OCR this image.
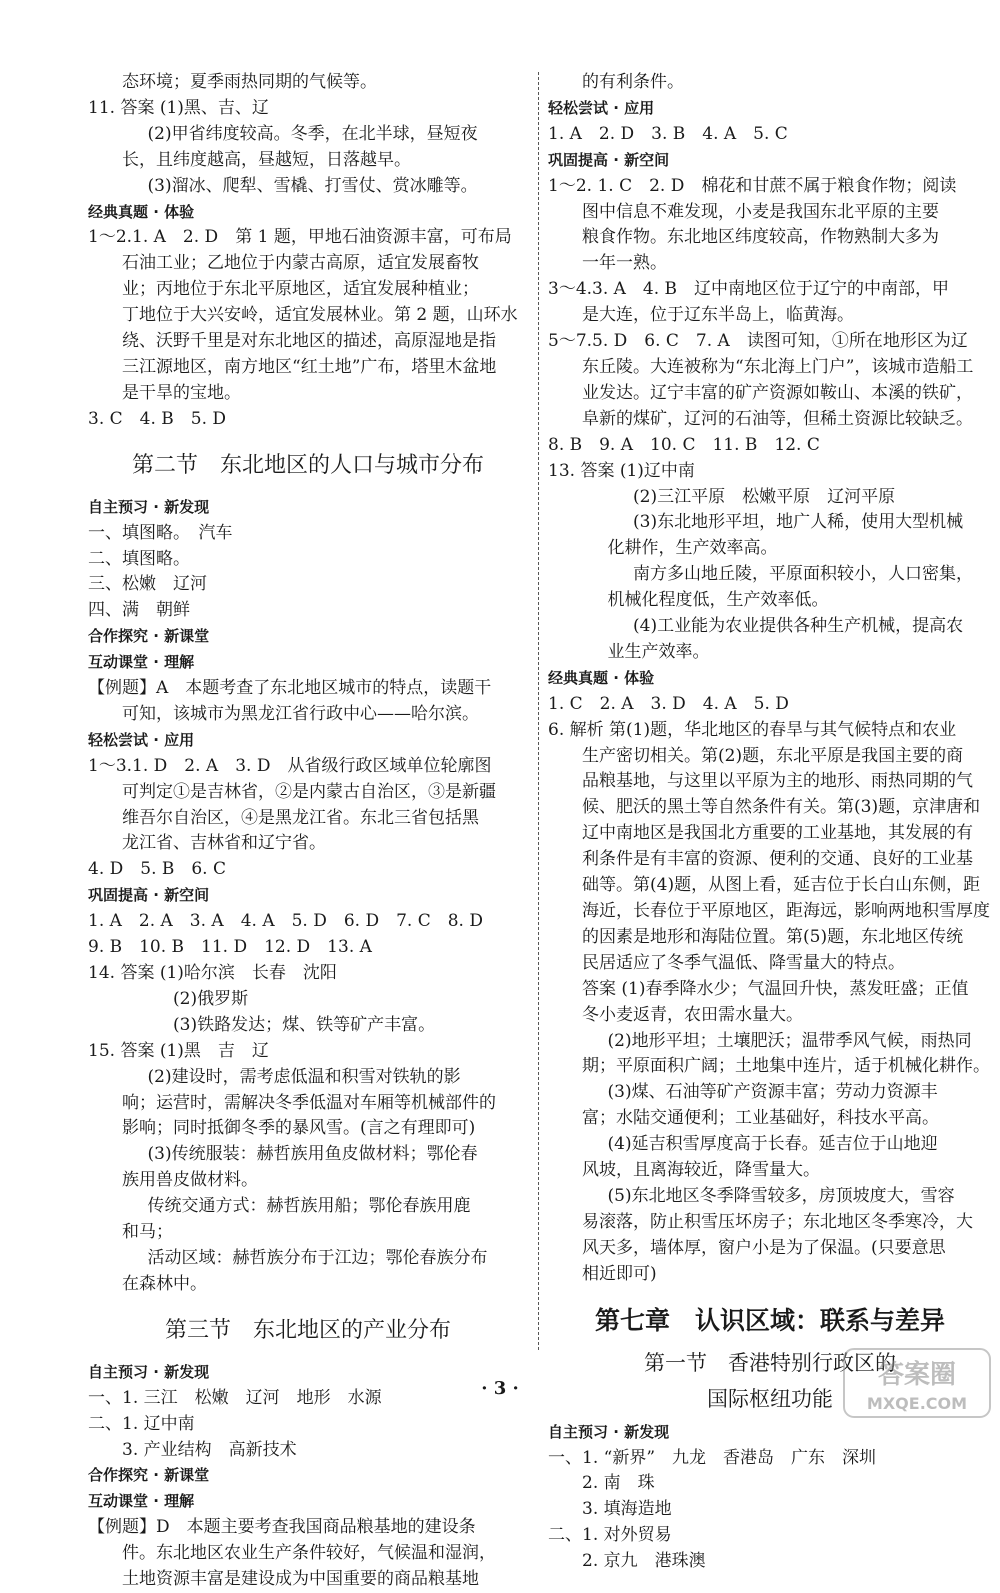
态环境；夏季雨热同期的气候等。
11. 答案 (1)黑、吉、辽
(2)甲省纬度较高。冬季，在北半球，昼短夜
长，且纬度越高，昼越短，日落越早。
(3)溜冰、爬犁、雪橇、打雪仗、赏冰雕等。
经典真题 · 体验
1～2.1. A　2. D　第 1 题，甲地石油资源丰富，可布局
石油工业；乙地位于内蒙古高原，适宜发展畜牧
业；丙地位于东北平原地区，适宜发展种植业；
丁地位于大兴安岭，适宜发展林业。第 2 题，山环水
绕、沃野千里是对东北地区的描述，高原湿地是指
三江源地区，南方地区“红土地”广布，塔里木盆地
是干旱的宝地。
3. C　4. B　5. D
第二节　东北地区的人口与城市分布
自主预习 · 新发现
一、填图略。　汽车
二、填图略。
三、松嫩　辽河
四、满　朝鲜
合作探究 · 新课堂
互动课堂 · 理解
【例题】A　本题考查了东北地区城市的特点，读题干
可知，该城市为黑龙江省行政中心——哈尔滨。
轻松尝试 · 应用
1～3.1. D　2. A　3. D　从省级行政区域单位轮廓图
可判定①是吉林省，②是内蒙古自治区，③是新疆
维吾尔自治区，④是黑龙江省。东北三省包括黑
龙江省、吉林省和辽宁省。
4. D　5. B　6. C
巩固提高 · 新空间
1. A　2. A　3. A　4. A　5. D　6. D　7. C　8. D
9. B　10. B　11. D　12. D　13. A
14. 答案 (1)哈尔滨　长春　沈阳
(2)俄罗斯
(3)铁路发达；煤、铁等矿产丰富。
15. 答案 (1)黑　吉　辽
(2)建设时，需考虑低温和积雪对铁轨的影
响；运营时，需解决冬季低温对车厢等机械部件的
影响；同时抵御冬季的暴风雪。(言之有理即可)
(3)传统服装：赫哲族用鱼皮做材料；鄂伦春
族用兽皮做材料。
传统交通方式：赫哲族用船；鄂伦春族用鹿
和马；
活动区域：赫哲族分布于江边；鄂伦春族分布
在森林中。
第三节　东北地区的产业分布
自主预习 · 新发现
一、1. 三江　松嫩　辽河　地形　水源
二、1. 辽中南
3. 产业结构　高新技术
合作探究 · 新课堂
互动课堂 · 理解
【例题】D　本题主要考查我国商品粮基地的建设条
件。东北地区农业生产条件较好，气候温和湿润，
土地资源丰富是建设成为中国重要的商品粮基地
的有利条件。
轻松尝试 · 应用
1. A　2. D　3. B　4. A　5. C
巩固提高 · 新空间
1～2. 1. C　2. D　棉花和甘蔗不属于粮食作物；阅读
图中信息不难发现，小麦是我国东北平原的主要
粮食作物。东北地区纬度较高，作物熟制大多为
一年一熟。
3～4.3. A　4. B　辽中南地区位于辽宁的中南部，甲
是大连，位于辽东半岛上，临黄海。
5～7.5. D　6. C　7. A　读图可知，①所在地形区为辽
东丘陵。大连被称为“东北海上门户”，该城市造船工
业发达。辽宁丰富的矿产资源如鞍山、本溪的铁矿，
阜新的煤矿，辽河的石油等，但稀土资源比较缺乏。
8. B　9. A　10. C　11. B　12. C
13. 答案 (1)辽中南
(2)三江平原　松嫩平原　辽河平原
(3)东北地形平坦，地广人稀，使用大型机械
化耕作，生产效率高。
南方多山地丘陵，平原面积较小，人口密集，
机械化程度低，生产效率低。
(4)工业能为农业提供各种生产机械，提高农
业生产效率。
经典真题 · 体验
1. C　2. A　3. D　4. A　5. D
6. 解析 第(1)题，华北地区的春旱与其气候特点和农业
生产密切相关。第(2)题，东北平原是我国主要的商
品粮基地，与这里以平原为主的地形、雨热同期的气
候、肥沃的黑土等自然条件有关。第(3)题，京津唐和
辽中南地区是我国北方重要的工业基地，其发展的有
利条件是有丰富的资源、便利的交通、良好的工业基
础等。第(4)题，从图上看，延吉位于长白山东侧，距
海近，长春位于平原地区，距海远，影响两地积雪厚度
的因素是地形和海陆位置。第(5)题，东北地区传统
民居适应了冬季气温低、降雪量大的特点。
答案 (1)春季降水少；气温回升快，蒸发旺盛；正值
冬小麦返青，农田需水量大。
(2)地形平坦；土壤肥沃；温带季风气候，雨热同
期；平原面积广阔；土地集中连片，适于机械化耕作。
(3)煤、石油等矿产资源丰富；劳动力资源丰
富；水陆交通便利；工业基础好，科技水平高。
(4)延吉积雪厚度高于长春。延吉位于山地迎
风坡，且离海较近，降雪量大。
(5)东北地区冬季降雪较多，房顶坡度大，雪容
易滚落，防止积雪压坏房子；东北地区冬季寒冷，大
风天多，墙体厚，窗户小是为了保温。(只要意思
相近即可)
第七章　认识区域：联系与差异
第一节　香港特别行政区的
国际枢纽功能
自主预习 · 新发现
一、1. “新界”　九龙　香港岛　广东　深圳
2. 南　珠
3. 填海造地
二、1. 对外贸易
2. 京九　港珠澳
· 3 ·	答案圈
MXQE.COM
